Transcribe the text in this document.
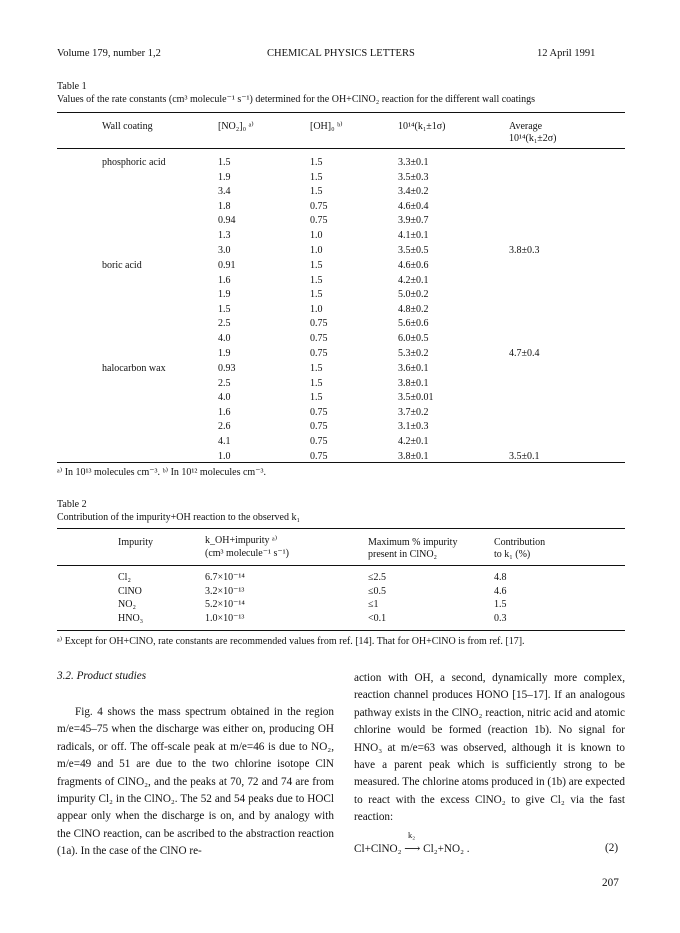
Volume 179, number 1,2	CHEMICAL PHYSICS LETTERS	12 April 1991
Table 1
Values of the rate constants (cm³ molecule⁻¹ s⁻¹) determined for the OH+ClNO₂ reaction for the different wall coatings
Wall coating	[NO₂]₀ ᵃ⁾	[OH]₀ ᵇ⁾	10¹⁴(k₁±1σ)	Average
10¹⁴(k₁±2σ)
phosphoric acid	1.5	1.5	3.3±0.1
1.9	1.5	3.5±0.3
3.4	1.5	3.4±0.2
1.8	0.75	4.6±0.4
0.94	0.75	3.9±0.7
1.3	1.0	4.1±0.1
3.0	1.0	3.5±0.5	3.8±0.3
boric acid	0.91	1.5	4.6±0.6
1.6	1.5	4.2±0.1
1.9	1.5	5.0±0.2
1.5	1.0	4.8±0.2
2.5	0.75	5.6±0.6
4.0	0.75	6.0±0.5
1.9	0.75	5.3±0.2	4.7±0.4
halocarbon wax	0.93	1.5	3.6±0.1
2.5	1.5	3.8±0.1
4.0	1.5	3.5±0.01
1.6	0.75	3.7±0.2
2.6	0.75	3.1±0.3
4.1	0.75	4.2±0.1
1.0	0.75	3.8±0.1	3.5±0.1
ᵃ⁾ In 10¹³ molecules cm⁻³. ᵇ⁾ In 10¹² molecules cm⁻³.
Table 2
Contribution of the impurity+OH reaction to the observed k₁
Impurity	k_OH+impurity ᵃ⁾
(cm³ molecule⁻¹ s⁻¹)
Maximum % impurity
present in ClNO₂
Contribution
to k₁ (%)
Cl₂	6.7×10⁻¹⁴	≤2.5	4.8
ClNO	3.2×10⁻¹³	≤0.5	4.6
NO₂	5.2×10⁻¹⁴	≤1	1.5
HNO₃	1.0×10⁻¹³	<0.1	0.3
ᵃ⁾ Except for OH+ClNO, rate constants are recommended values from ref. [14]. That for OH+ClNO is from ref. [17].
3.2. Product studies

Fig. 4 shows the mass spectrum obtained in the region m/e=45–75 when the discharge was either on, producing OH radicals, or off. The off-scale peak at m/e=46 is due to NO₂, m/e=49 and 51 are due to the two chlorine isotope ClN fragments of ClNO₂, and the peaks at 70, 72 and 74 are from impurity Cl₂ in the ClNO₂. The 52 and 54 peaks due to HOCl appear only when the discharge is on, and by analogy with the ClNO reaction, can be ascribed to the abstraction reaction (1a). In the case of the ClNO re-

action with OH, a second, dynamically more complex, reaction channel produces HONO [15–17]. If an analogous pathway exists in the ClNO₂ reaction, nitric acid and atomic chlorine would be formed (reaction 1b). No signal for HNO₃ at m/e=63 was observed, although it is known to have a parent peak which is sufficiently strong to be measured. The chlorine atoms produced in (1b) are expected to react with the excess ClNO₂ to give Cl₂ via the fast reaction:

k₂
Cl+ClNO₂ ⟶ Cl₂+NO₂ .	(2)
207
